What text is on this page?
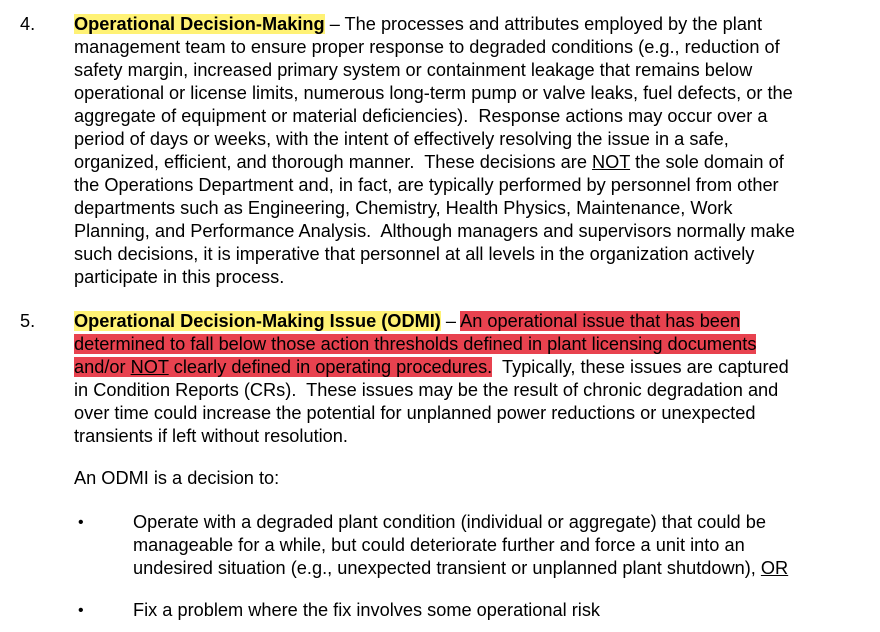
4. Operational Decision-Making – The processes and attributes employed by the plant
management team to ensure proper response to degraded conditions (e.g., reduction of
safety margin, increased primary system or containment leakage that remains below
operational or license limits, numerous long-term pump or valve leaks, fuel defects, or the
aggregate of equipment or material deficiencies).  Response actions may occur over a
period of days or weeks, with the intent of effectively resolving the issue in a safe,
organized, efficient, and thorough manner.  These decisions are NOT the sole domain of
the Operations Department and, in fact, are typically performed by personnel from other
departments such as Engineering, Chemistry, Health Physics, Maintenance, Work
Planning, and Performance Analysis.  Although managers and supervisors normally make
such decisions, it is imperative that personnel at all levels in the organization actively
participate in this process.
5. Operational Decision-Making Issue (ODMI) – An operational issue that has been
determined to fall below those action thresholds defined in plant licensing documents
and/or NOT clearly defined in operating procedures.  Typically, these issues are captured
in Condition Reports (CRs).  These issues may be the result of chronic degradation and
over time could increase the potential for unplanned power reductions or unexpected
transients if left without resolution.
An ODMI is a decision to:
•	Operate with a degraded plant condition (individual or aggregate) that could be
manageable for a while, but could deteriorate further and force a unit into an
undesired situation (e.g., unexpected transient or unplanned plant shutdown), OR
•	Fix a problem where the fix involves some operational risk
